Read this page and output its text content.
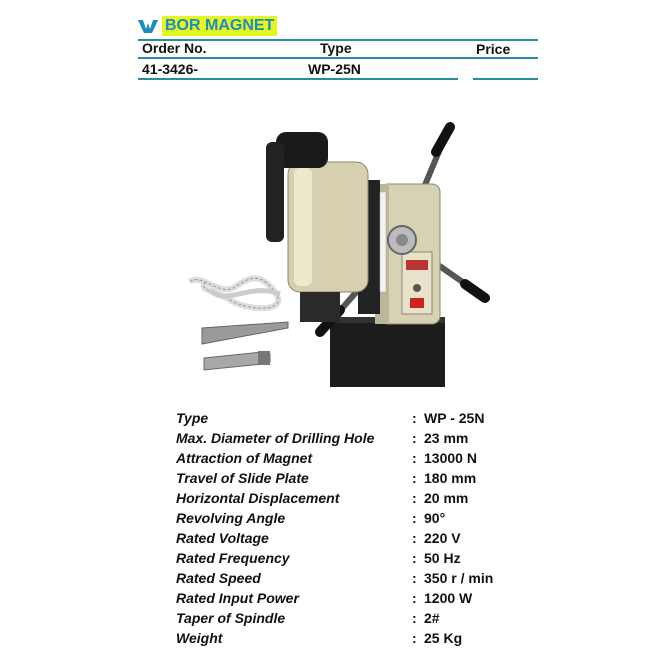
BOR MAGNET
Order No.	Type	Price
41-3426-	WP-25N
Type	: WP - 25N
Max. Diameter of Drilling Hole	: 23 mm
Attraction of Magnet	: 13000 N
Travel of Slide Plate	: 180 mm
Horizontal Displacement	: 20 mm
Revolving Angle	: 90°
Rated Voltage	: 220 V
Rated Frequency	: 50 Hz
Rated Speed	: 350 r / min
Rated Input Power	: 1200 W
Taper of Spindle	: 2#
Weight	: 25 Kg
